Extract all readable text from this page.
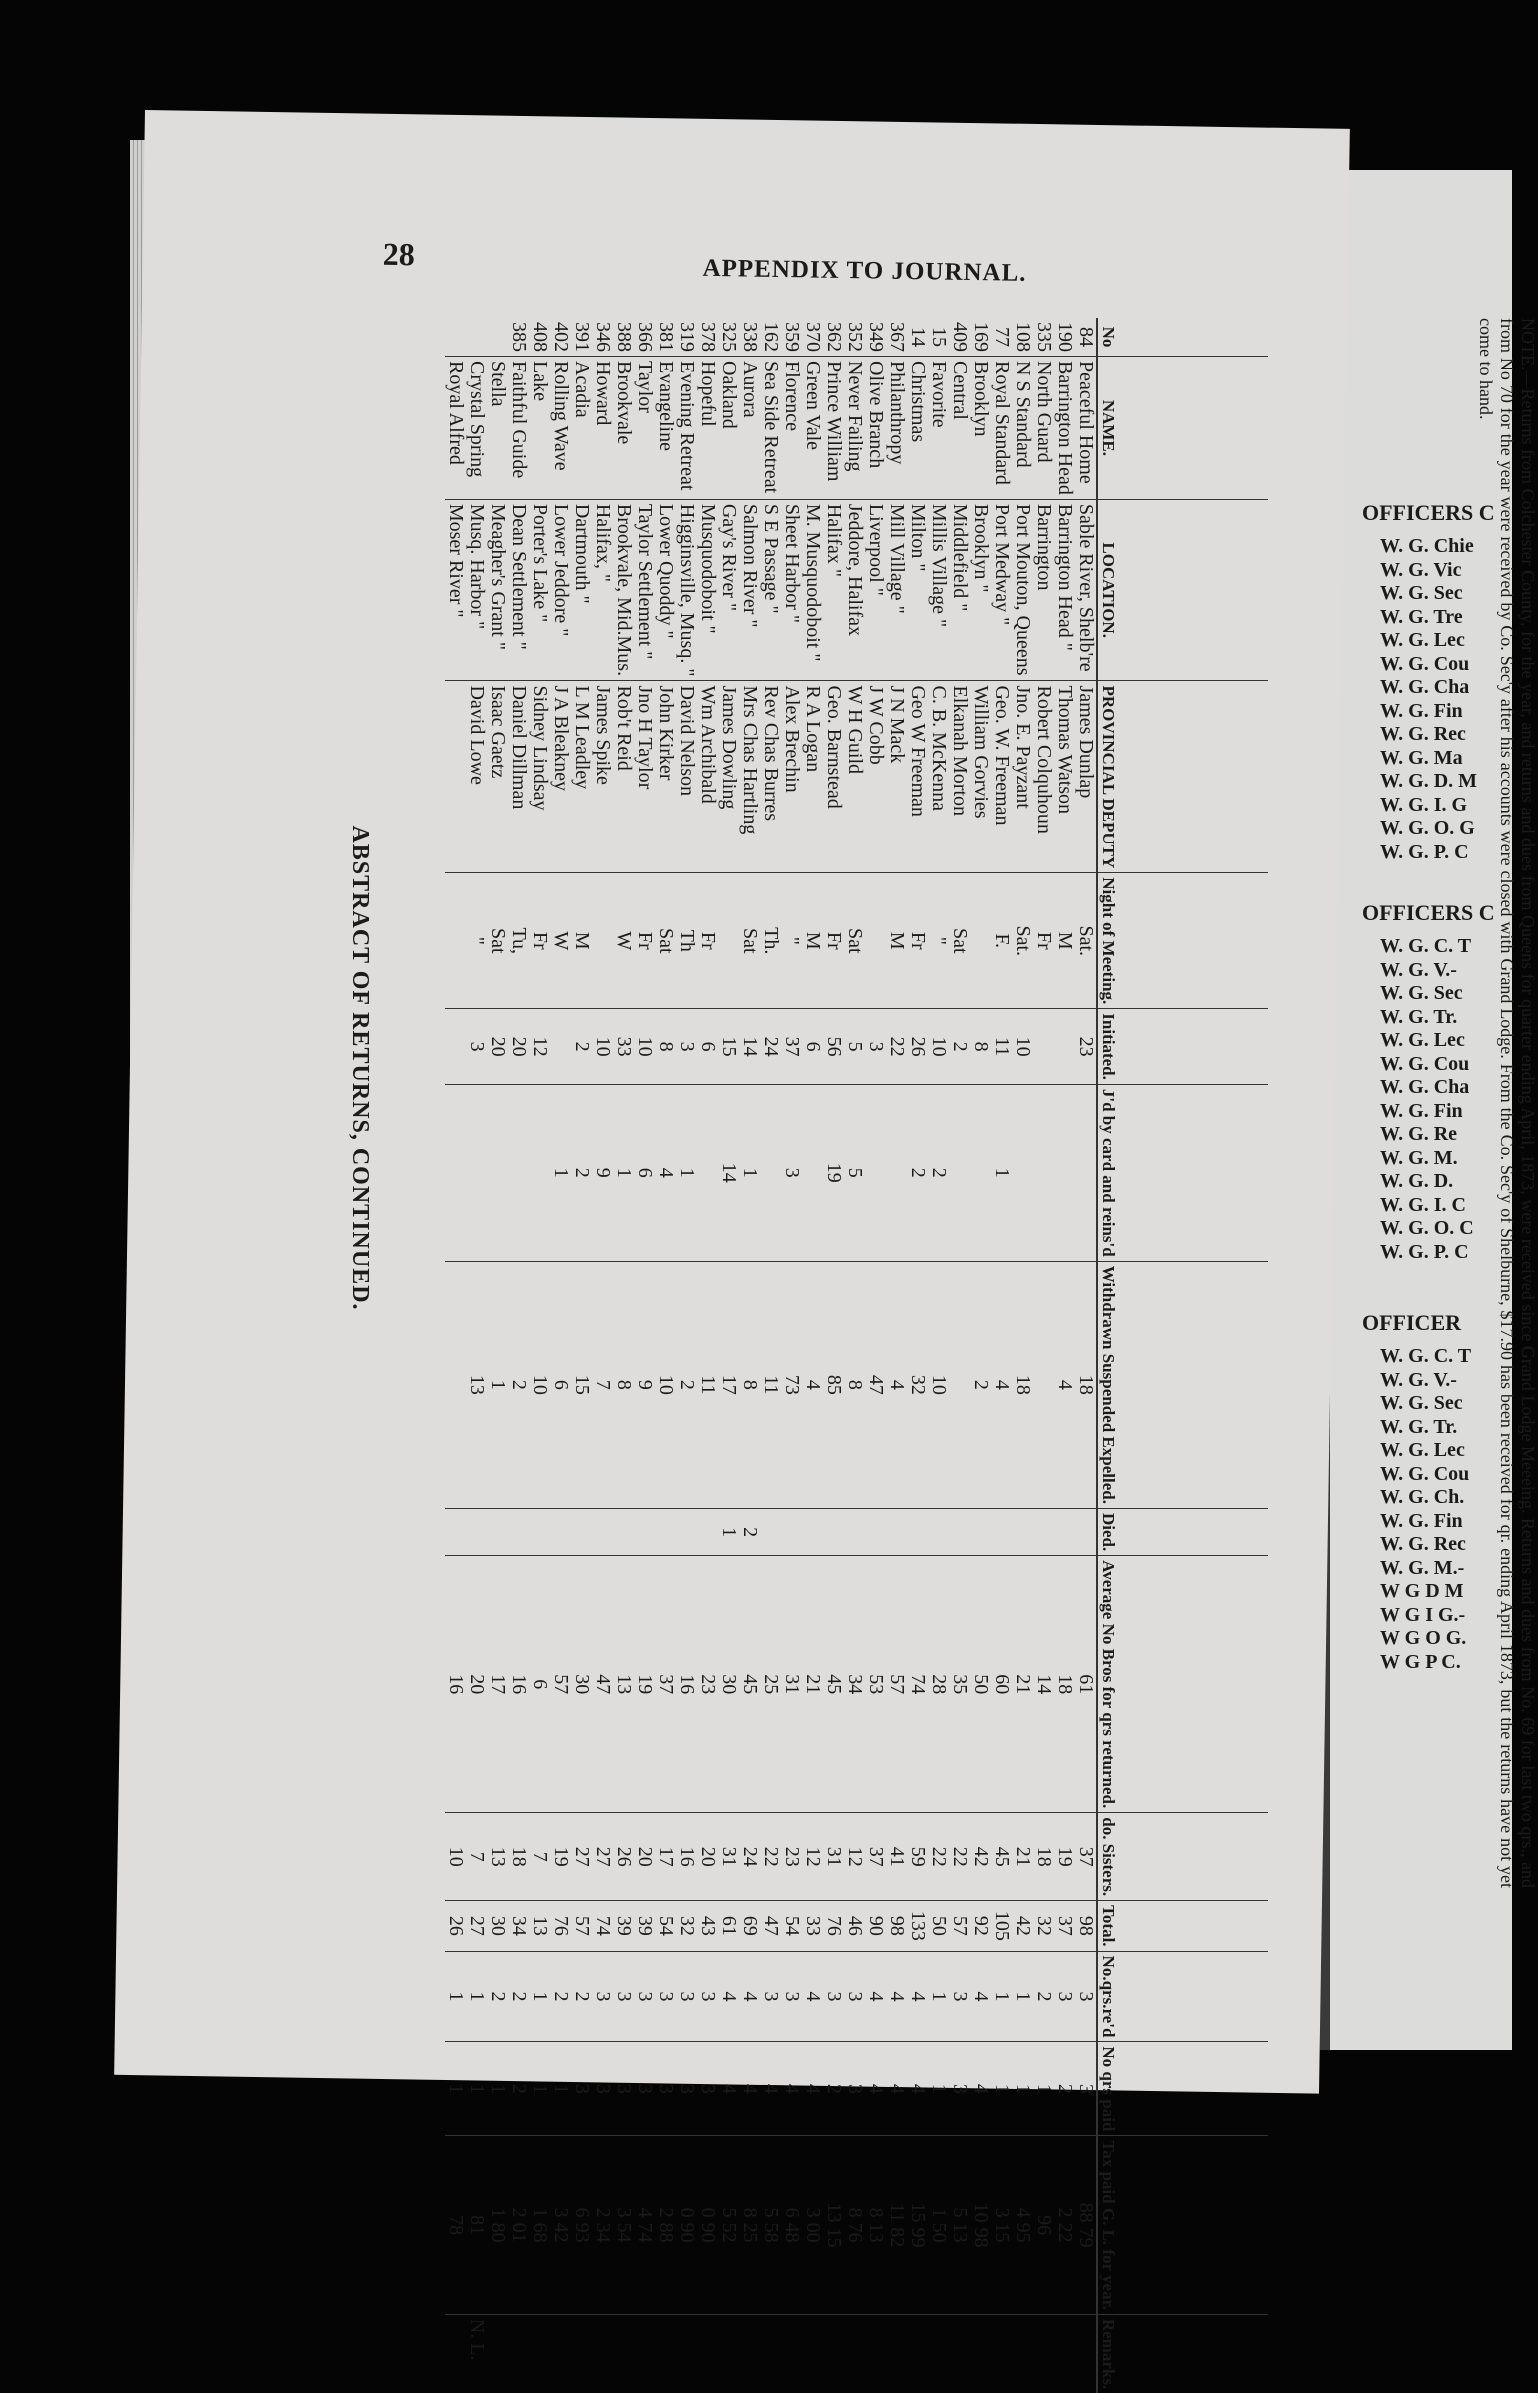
OFFICERS C
W. G. Chie
W. G. Vic
W. G. Sec
W. G. Tre
W. G. Lec
W. G. Cou
W. G. Cha
W. G. Fin
W. G. Rec
W. G. Ma
W. G. D. M
W. G. I. G
W. G. O. G
W. G. P. C
OFFICERS C
W. G. C. T
W. G. V.-
W. G. Sec
W. G. Tr.
W. G. Lec
W. G. Cou
W. G. Cha
W. G. Fin
W. G. Re
W. G. M.
W. G. D.
W. G. I. C
W. G. O. C
W. G. P. C
OFFICER
W. G. C. T
W. G. V.-
W. G. Sec
W. G. Tr.
W. G. Lec
W. G. Cou
W. G. Ch.
W. G. Fin
W. G. Rec
W. G. M.-
W G D M
W G I G.-
W G O G.
W G P C.
28	APPENDIX TO JOURNAL.
ABSTRACT OF RETURNS, CONTINUED.
No	NAME.	LOCATION.	PROVINCIAL DEPUTY	Night of Meeting.	Initiated.	J'd by card and reins'd	Withdrawn Suspended Expelled.	Died.	Average No Bros for qrs returned.	do. Sisters.	Total.	No.qrs.re'd	No qrs paid	Tax paid G. L. for year.	Remarks.
84	Peaceful Home	Sable River, Shelb're	James Dunlap	Sat.	23		18		61	37	98	3	3	88 79	
190	Barrington Head	Barrington Head "	Thomas Watson	M			4		18	19	37	3	2	2 22	
335	North Guard	Barrington	Robert Colquhoun	Fr					14	18	32	2	1	96	
108	N S Standard	Port Mouton, Queens	Jno. E. Payzant	Sat.	10		18		21	21	42	1	1	4 95	
77	Royal Standard	Port Medway "	Geo. W. Freeman	F.	11	1	4		60	45	105	1	1	3 15	
169	Brooklyn	Brooklyn "	William Gorvies		8		2		50	42	92	4	4	10 98	
409	Central	Middlefield "	Elkanah Morton	Sat	2				35	22	57	3	3	5 13	
15	Favorite	Millis Village "	C. B. McKenna	"	10	2	10		28	22	50	1	1	1 50	
14	Christmas	Milton "	Geo W Freeman	Fr	26	2	32		74	59	133	4	4	15 99	
367	Philanthropy	Mill Village "	J N Mack	M	22		4		57	41	98	4	4	11 82	
349	Olive Branch	Liverpool "	J W Cobb		3		47		53	37	90	4	4	8 13	
352	Never Failing	Jeddore, Halifax	W H Guild	Sat	5	5	8		34	12	46	3	3	8 76	
362	Prince William	Halifax "	Geo. Barnstead	Fr	56	19	85		45	31	76	3	2	13 15	
370	Green Vale	M. Musquodoboit "	R A Logan	M	6		4		21	12	33	4	4	3 00	
359	Florence	Sheet Harbor "	Alex Brechin	"	37	3	73		31	23	54	3	4	6 48	
162	Sea Side Retreat	S E Passage "	Rev Chas Burres	Th.	24		11		25	22	47	3	4	5 58	
338	Aurora	Salmon River "	Mrs Chas Hartling	Sat	14	1	8	2	45	24	69	4	4	8 25	
325	Oakland	Gay's River "	James Dowling		15	14	17	1	30	31	61	4	4	5 52	
378	Hopeful	Musquodoboit "	Wm Archibald	Fr	6		11		23	20	43	3	3	0 90	
319	Evening Retreat	Higginsville, Musq. "	David Nelson	Th	3	1	2		16	16	32	3	3	0 90	
381	Evangeline	Lower Quoddy "	John Kirker	Sat	8	4	10		37	17	54	3	3	2 88	
366	Taylor	Taylor Settlement "	Jno H Taylor	Fr	10	6	9		19	20	39	3	3	4 74	
388	Brookvale	Brookvale, Mid.Mus.	Rob't Reid	W	33	1	8		13	26	39	3	3	3 54	
346	Howard	Halifax, "	James Spike		10	9	7		47	27	74	3	3	2 34	
391	Acadia	Dartmouth "	L M Leadley	M	2	2	15		30	27	57	2	3	6 93	
402	Rolling Wave	Lower Jeddore "	J A Bleakney	W		1	6		57	19	76	2	1	3 42	
408	Lake	Porter's Lake "	Sidney Lindsay	Fr	12		10		6	7	13	1	1	1 68	
385	Faithful Guide	Dean Settlement "	Daniel Dillman	Tu,	20		2		16	18	34	2	2	2 01	
	Stella	Meagher's Grant "	Isaac Gaetz	Sat	20		1		17	13	30	2	1	1 80	
	Crystal Spring	Musq. Harbor "	David Lowe	"	3		13		20	7	27	1	1	81	N. L.
	Royal Alfred	Moser River "							16	10	26	1	1	78	
NOTE.—Returns from Colchester County, for the year, and returns and dues from Queens for quarter ending April, 1873, were received since Grand Lodge Meeeing. Returns and dues from No. 69 for last two qrs., and from No 70 for the year were received by Co. Sec'y after his accounts were closed with Grand Lodge. From the Co. Sec'y of Shelburne, $17.90 has been received for qr. ending April 1873, but the returns have not yet come to hand.
